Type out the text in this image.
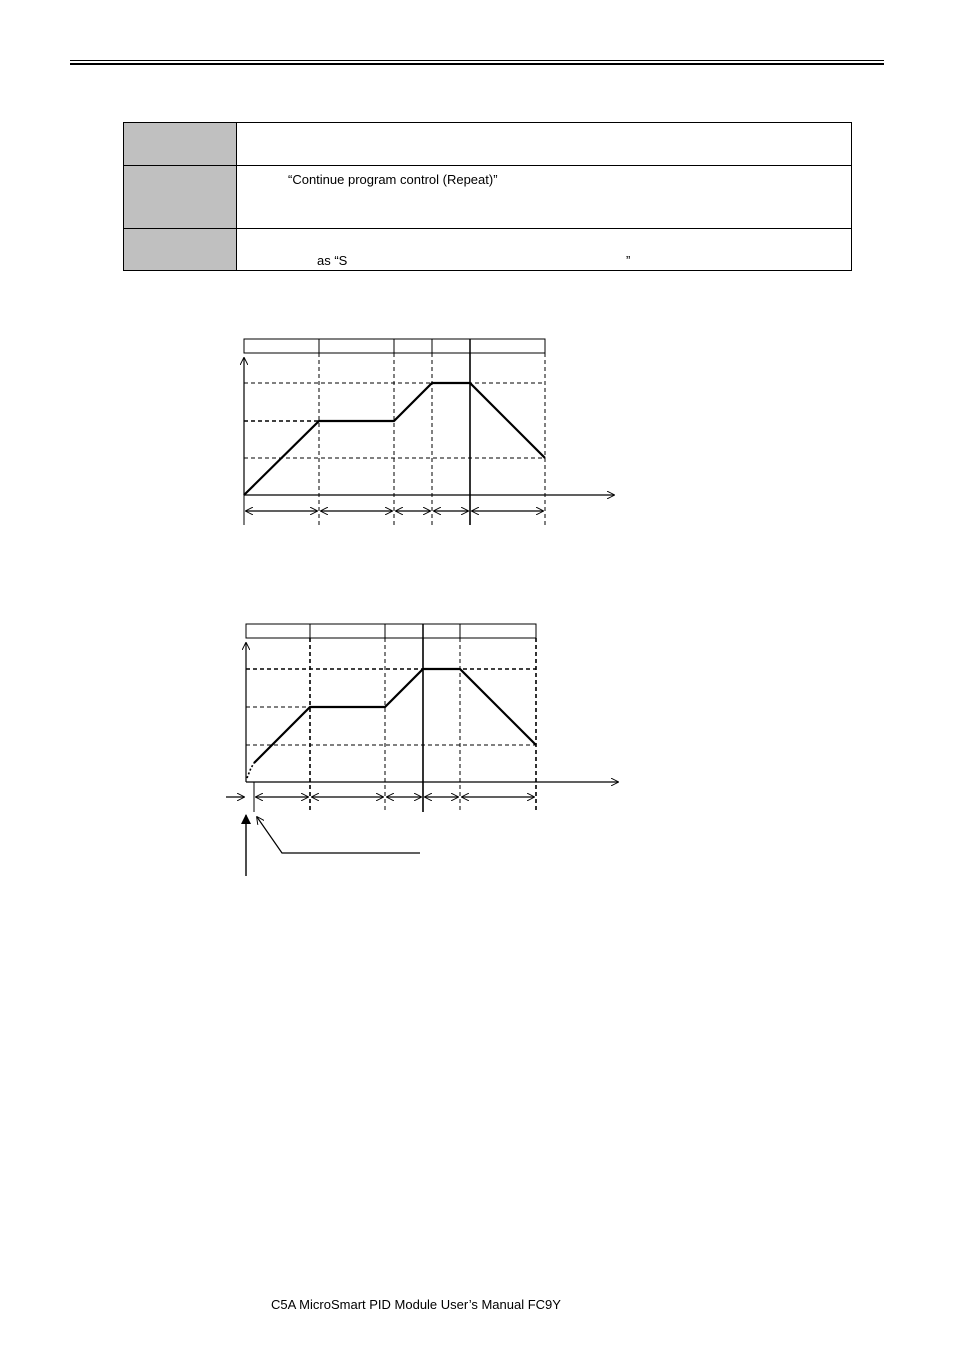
	“Continue program control (Repeat)”

	as “S ”
C5A MicroSmart PID Module User’s Manual FC9Y
